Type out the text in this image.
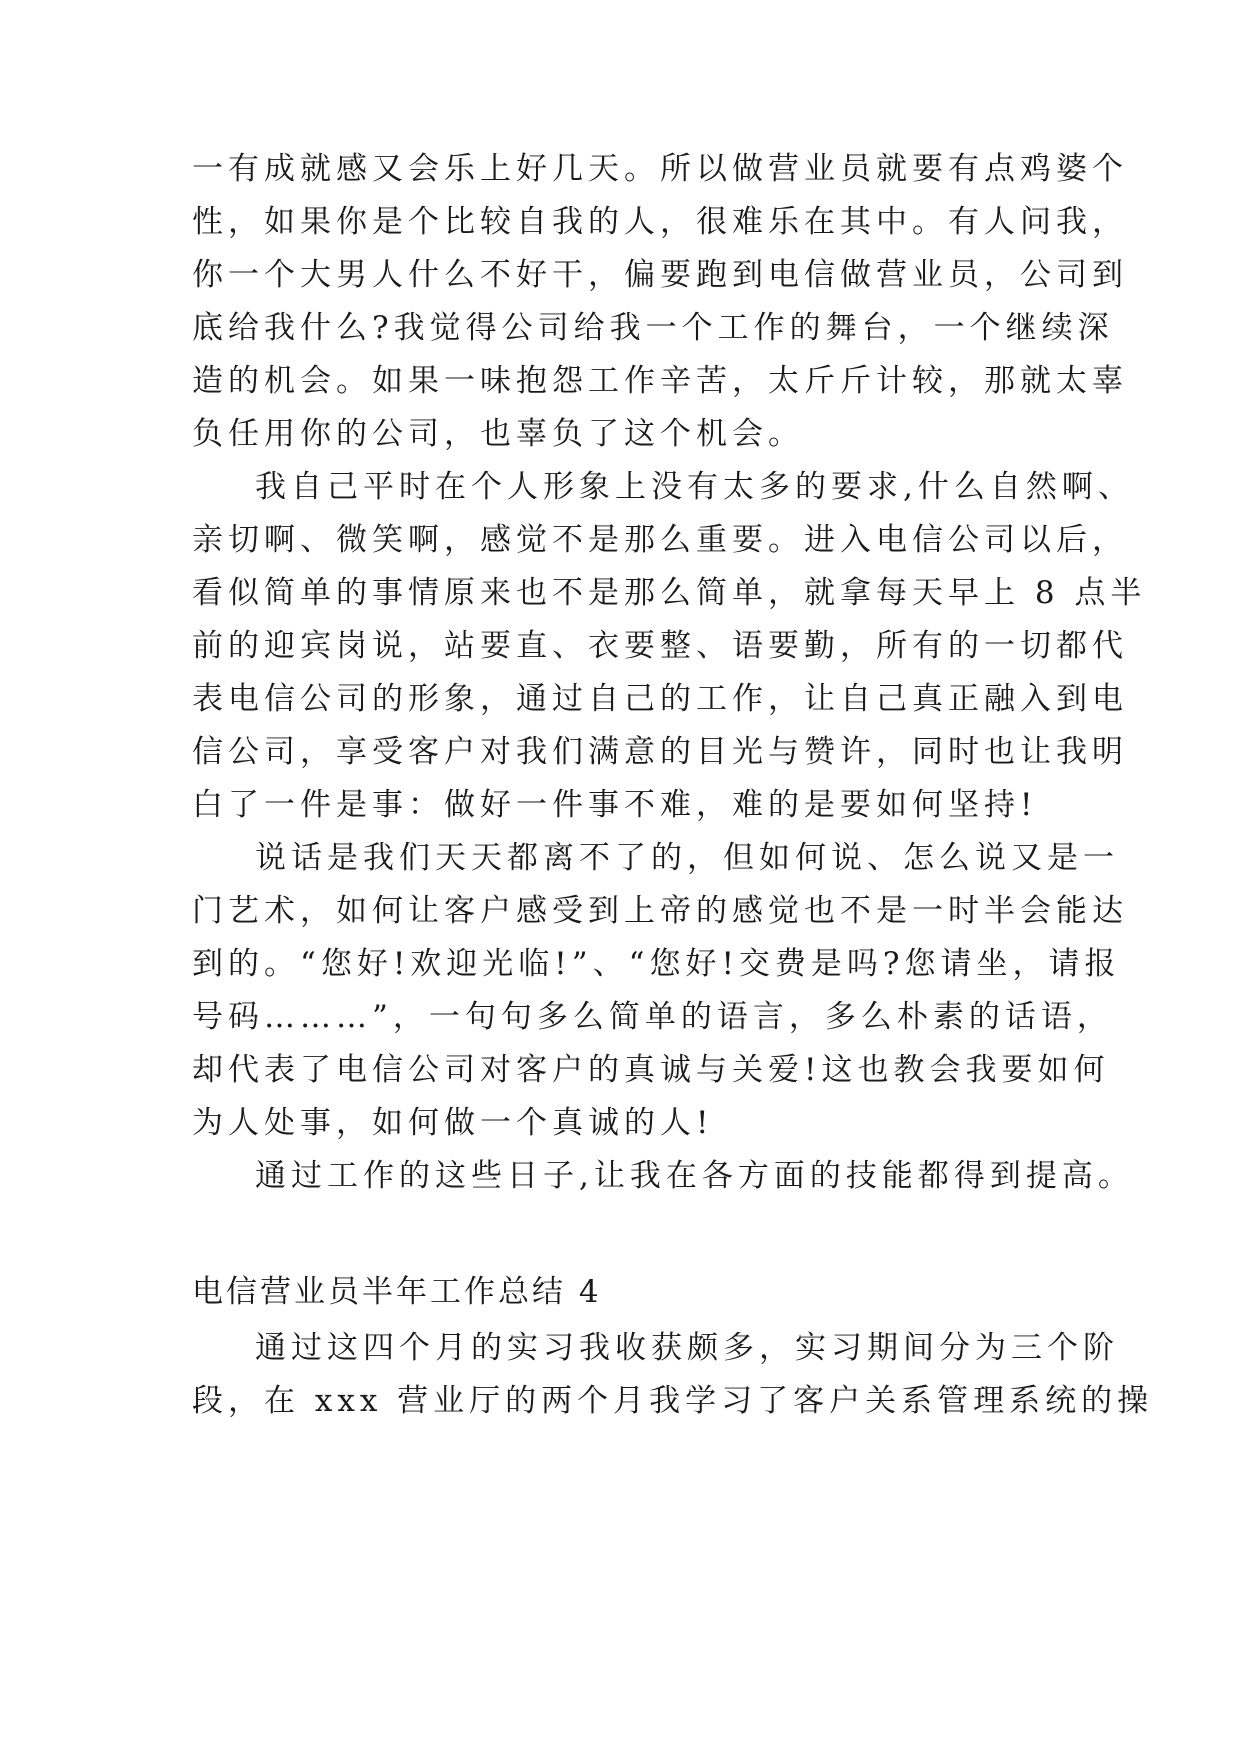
一有成就感又会乐上好几天。所以做营业员就要有点鸡婆个
性，如果你是个比较自我的人，很难乐在其中。有人问我，
你一个大男人什么不好干，偏要跑到电信做营业员，公司到
底给我什么?我觉得公司给我一个工作的舞台，一个继续深
造的机会。如果一味抱怨工作辛苦，太斤斤计较，那就太辜
负任用你的公司，也辜负了这个机会。
我自己平时在个人形象上没有太多的要求,什么自然啊、
亲切啊、微笑啊，感觉不是那么重要。进入电信公司以后，
看似简单的事情原来也不是那么简单，就拿每天早上 8 点半
前的迎宾岗说，站要直、衣要整、语要勤，所有的一切都代
表电信公司的形象，通过自己的工作，让自己真正融入到电
信公司，享受客户对我们满意的目光与赞许，同时也让我明
白了一件是事：做好一件事不难，难的是要如何坚持!
说话是我们天天都离不了的，但如何说、怎么说又是一
门艺术，如何让客户感受到上帝的感觉也不是一时半会能达
到的。“您好!欢迎光临!”、“您好!交费是吗?您请坐，请报
号码………”，一句句多么简单的语言，多么朴素的话语，
却代表了电信公司对客户的真诚与关爱!这也教会我要如何
为人处事，如何做一个真诚的人!
通过工作的这些日子,让我在各方面的技能都得到提高。
电信营业员半年工作总结 4
通过这四个月的实习我收获颇多，实习期间分为三个阶
段，在 xxx 营业厅的两个月我学习了客户关系管理系统的操
